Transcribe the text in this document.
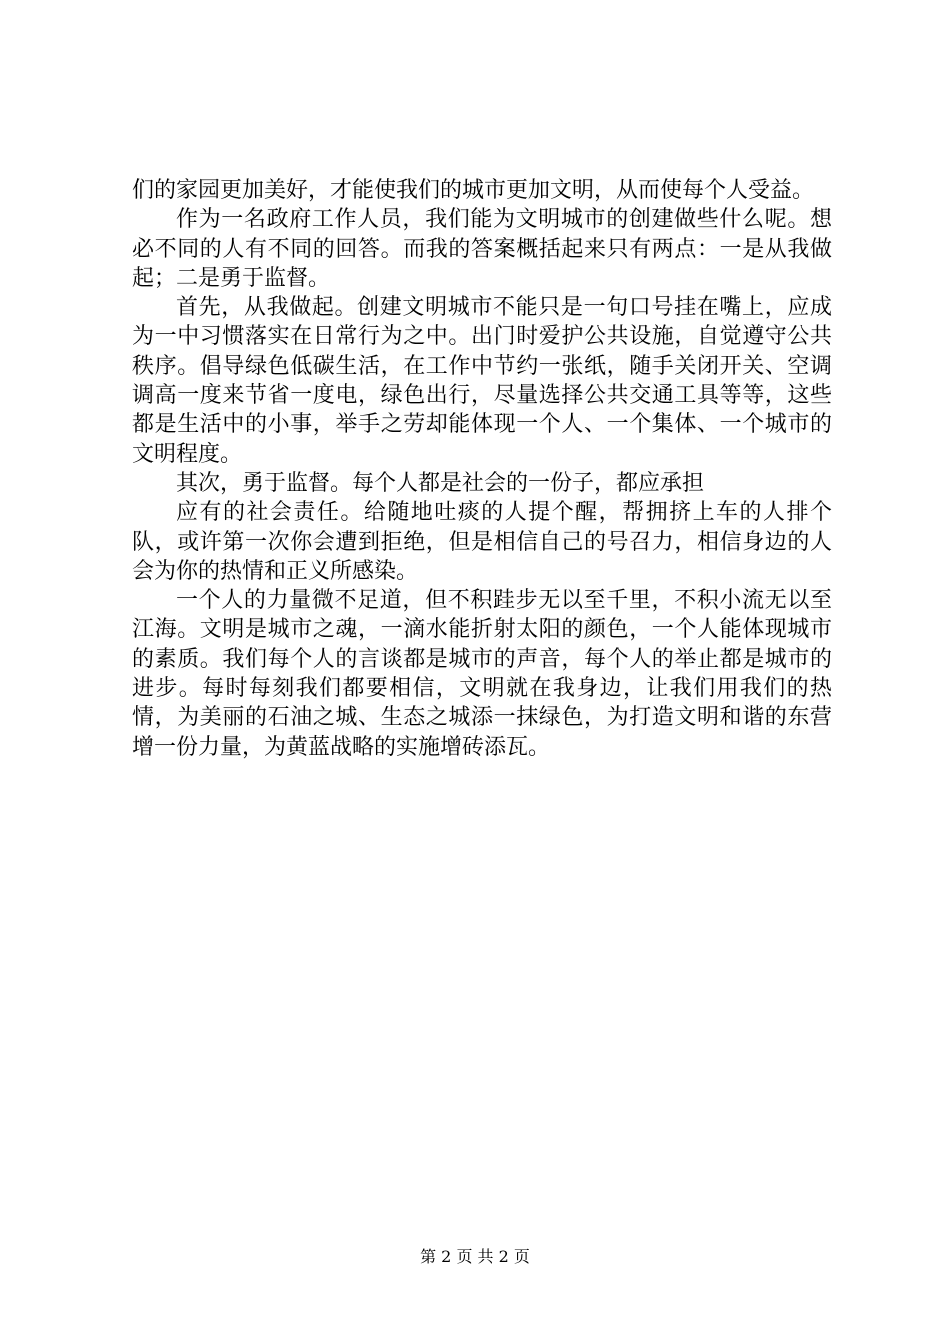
们的家园更加美好，才能使我们的城市更加文明，从而使每个人受益。

作为一名政府工作人员，我们能为文明城市的创建做些什么呢。想必不同的人有不同的回答。而我的答案概括起来只有两点：一是从我做起；二是勇于监督。

首先，从我做起。创建文明城市不能只是一句口号挂在嘴上，应成为一中习惯落实在日常行为之中。出门时爱护公共设施，自觉遵守公共秩序。倡导绿色低碳生活，在工作中节约一张纸，随手关闭开关、空调调高一度来节省一度电，绿色出行，尽量选择公共交通工具等等，这些都是生活中的小事，举手之劳却能体现一个人、一个集体、一个城市的文明程度。

其次，勇于监督。每个人都是社会的一份子，都应承担

应有的社会责任。给随地吐痰的人提个醒，帮拥挤上车的人排个队，或许第一次你会遭到拒绝，但是相信自己的号召力，相信身边的人会为你的热情和正义所感染。

一个人的力量微不足道，但不积跬步无以至千里，不积小流无以至江海。文明是城市之魂，一滴水能折射太阳的颜色，一个人能体现城市的素质。我们每个人的言谈都是城市的声音，每个人的举止都是城市的进步。每时每刻我们都要相信，文明就在我身边，让我们用我们的热情，为美丽的石油之城、生态之城添一抹绿色，为打造文明和谐的东营增一份力量，为黄蓝战略的实施增砖添瓦。

第 2 页 共 2 页
